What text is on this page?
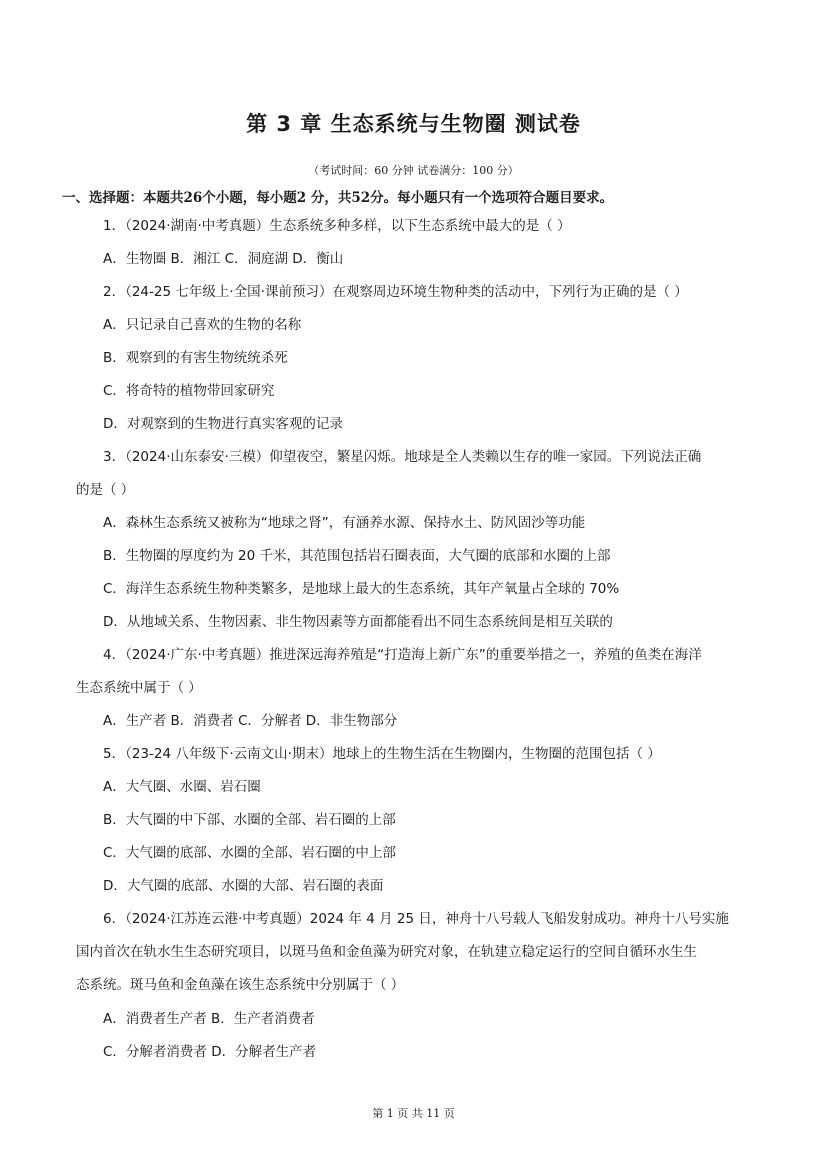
第 3 章 生态系统与生物圈 测试卷
（考试时间：60 分钟 试卷满分：100 分）
一、选择题：本题共26个小题，每小题2 分，共52分。每小题只有一个选项符合题目要求。
1．（2024·湖南·中考真题）生态系统多种多样，以下生态系统中最大的是（ ）
A．生物圈 B．湘江 C．洞庭湖 D．衡山
2．（24-25 七年级上·全国·课前预习）在观察周边环境生物种类的活动中，下列行为正确的是（ ）
A．只记录自己喜欢的生物的名称
B．观察到的有害生物统统杀死
C．将奇特的植物带回家研究
D．对观察到的生物进行真实客观的记录
3．（2024·山东泰安·三模）仰望夜空，繁星闪烁。地球是全人类赖以生存的唯一家园。下列说法正确
的是（ ）
A．森林生态系统又被称为“地球之肾”，有涵养水源、保持水土、防风固沙等功能
B．生物圈的厚度约为 20 千米，其范围包括岩石圈表面，大气圈的底部和水圈的上部
C．海洋生态系统生物种类繁多，是地球上最大的生态系统，其年产氧量占全球的 70%
D．从地域关系、生物因素、非生物因素等方面都能看出不同生态系统间是相互关联的
4．（2024·广东·中考真题）推进深远海养殖是“打造海上新广东”的重要举措之一，养殖的鱼类在海洋
生态系统中属于（ ）
A．生产者 B．消费者 C．分解者 D．非生物部分
5．（23-24 八年级下·云南文山·期末）地球上的生物生活在生物圈内，生物圈的范围包括（ ）
A．大气圈、水圈、岩石圈
B．大气圈的中下部、水圈的全部、岩石圈的上部
C．大气圈的底部、水圈的全部、岩石圈的中上部
D．大气圈的底部、水圈的大部、岩石圈的表面
6．（2024·江苏连云港·中考真题）2024 年 4 月 25 日，神舟十八号载人飞船发射成功。神舟十八号实施
国内首次在轨水生生态研究项目，以斑马鱼和金鱼藻为研究对象，在轨建立稳定运行的空间自循环水生生
态系统。斑马鱼和金鱼藻在该生态系统中分别属于（ ）
A．消费者生产者 B．生产者消费者
C．分解者消费者 D．分解者生产者
第 1 页 共 11 页
